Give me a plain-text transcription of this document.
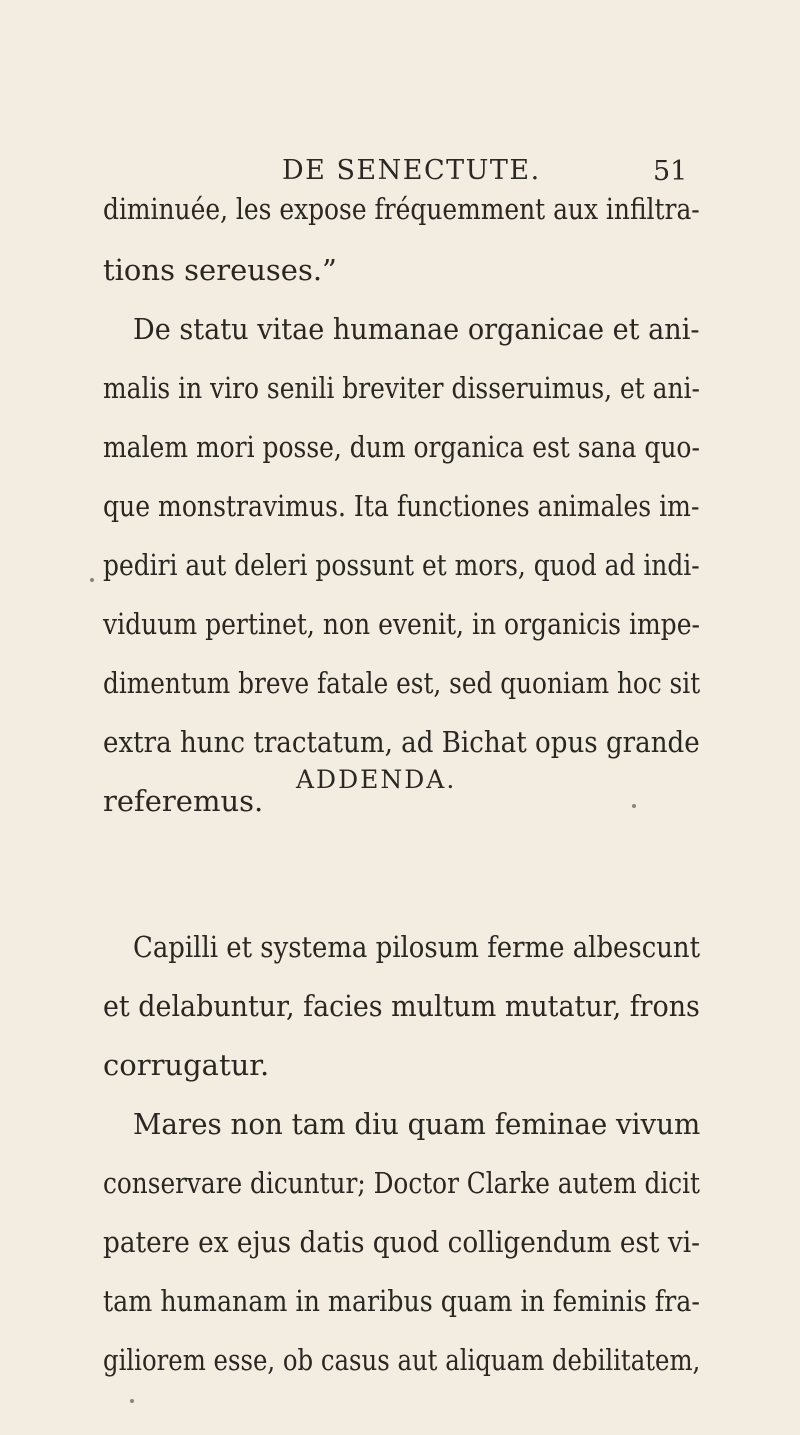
DE SENECTUTE.	51
diminuée, les expose fréquemment aux infiltra-
tions sereuses.”
De statu vitae humanae organicae et ani-
malis in viro senili breviter disseruimus, et ani-
malem mori posse, dum organica est sana quo-
que monstravimus. Ita functiones animales im-
pediri aut deleri possunt et mors, quod ad indi-
viduum pertinet, non evenit, in organicis impe-
dimentum breve fatale est, sed quoniam hoc sit
extra hunc tractatum, ad Bichat opus grande
referemus.
ADDENDA.
Capilli et systema pilosum ferme albescunt
et delabuntur, facies multum mutatur, frons
corrugatur.
Mares non tam diu quam feminae vivum
conservare dicuntur; Doctor Clarke autem dicit
patere ex ejus datis quod colligendum est vi-
tam humanam in maribus quam in feminis fra-
giliorem esse, ob casus aut aliquam debilitatem,
